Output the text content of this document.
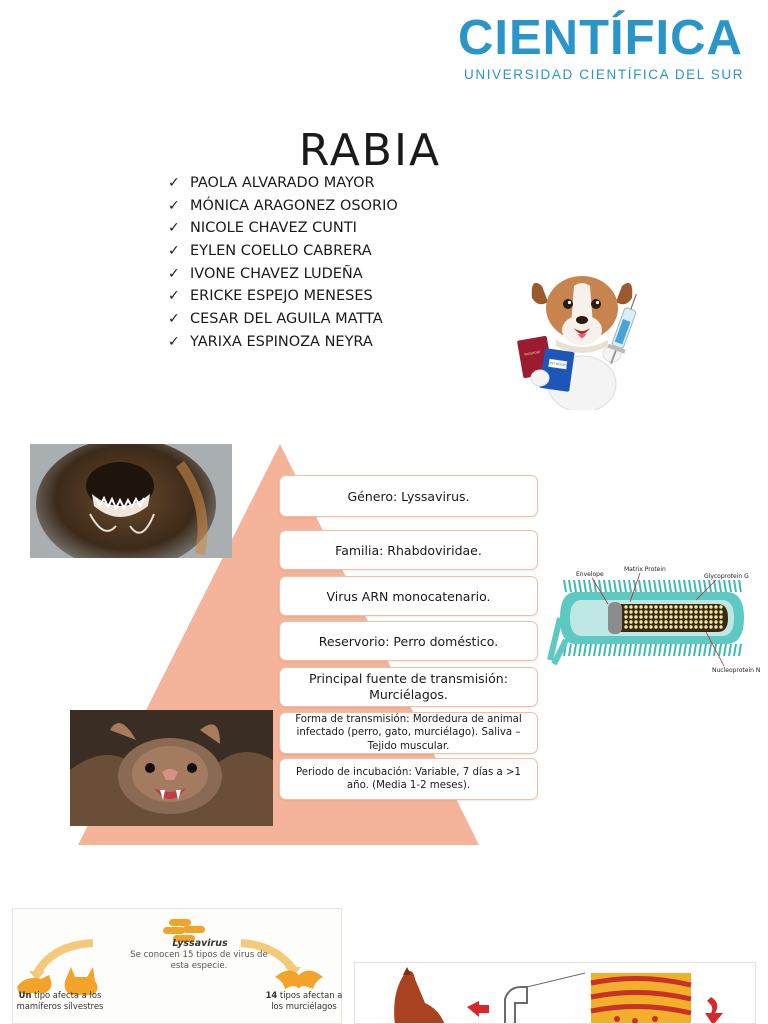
CIENTÍFICA
UNIVERSIDAD CIENTÍFICA DEL SUR
RABIA
✓ PAOLA ALVARADO MAYOR
✓ MÓNICA ARAGONEZ OSORIO
✓ NICOLE CHAVEZ CUNTI
✓ EYLEN COELLO CABRERA
✓ IVONE CHAVEZ LUDEÑA
✓ ERICKE ESPEJO MENESES
✓ CESAR DEL AGUILA MATTA
✓ YARIXA ESPINOZA NEYRA
PASSPORT
PET PASSPORT
Género: Lyssavirus.
Familia: Rhabdoviridae.
Virus ARN monocatenario.
Reservorio: Perro doméstico.
Principal fuente de transmisión: Murciélagos.
Forma de transmisión: Mordedura de animal infectado (perro, gato, murciélago). Saliva – Tejido muscular.
Periodo de incubación: Variable, 7 días a >1 año. (Media 1-2 meses).
Envelope
Matrix Protein
Glycoprotein G
Nucleoprotein N
Lyssavirus
Se conocen 15 tipos de virus de esta especie.
Un tipo afecta a los mamíferos silvestres
14 tipos afectan a los murciélagos
